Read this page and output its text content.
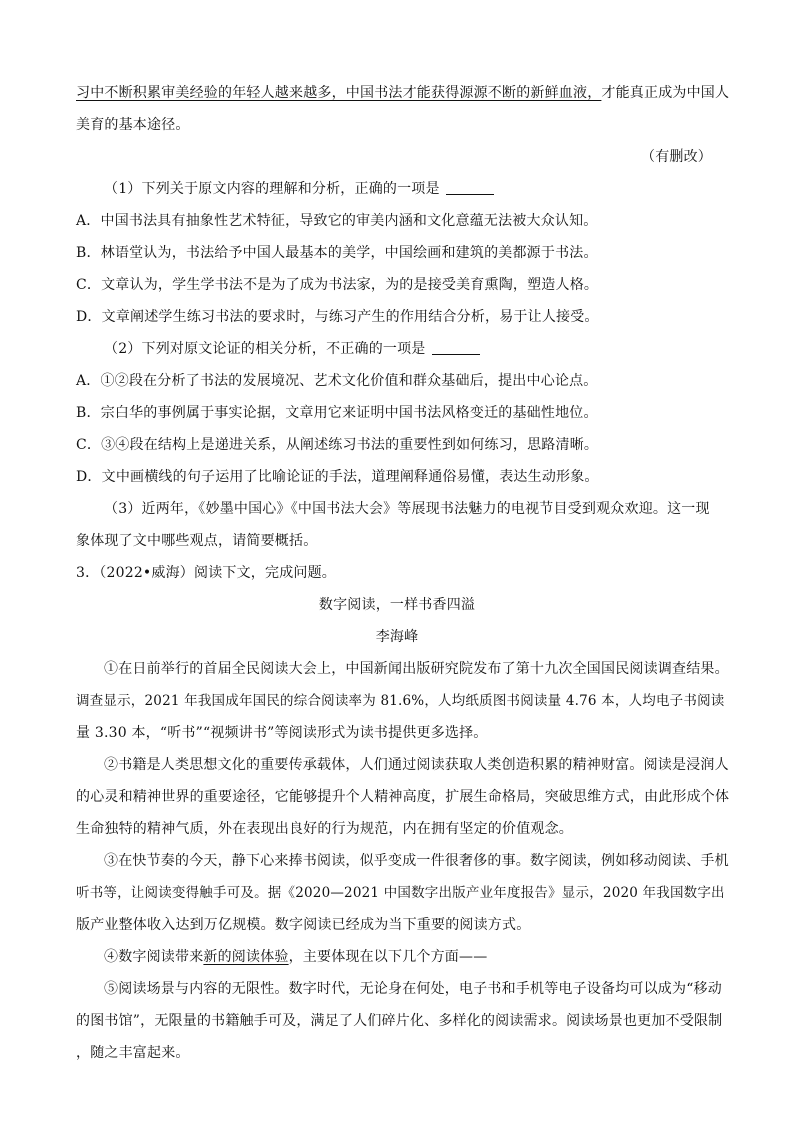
习中不断积累审美经验的年轻人越来越多，中国书法才能获得源源不断的新鲜血液，才能真正成为中国人
美育的基本途径。
（有删改）
（1）下列关于原文内容的理解和分析，正确的一项是
A．中国书法具有抽象性艺术特征，导致它的审美内涵和文化意蕴无法被大众认知。
B．林语堂认为，书法给予中国人最基本的美学，中国绘画和建筑的美都源于书法。
C．文章认为，学生学书法不是为了成为书法家，为的是接受美育熏陶，塑造人格。
D．文章阐述学生练习书法的要求时，与练习产生的作用结合分析，易于让人接受。
（2）下列对原文论证的相关分析，不正确的一项是
A．①②段在分析了书法的发展境况、艺术文化价值和群众基础后，提出中心论点。
B．宗白华的事例属于事实论据，文章用它来证明中国书法风格变迁的基础性地位。
C．③④段在结构上是递进关系，从阐述练习书法的重要性到如何练习，思路清晰。
D．文中画横线的句子运用了比喻论证的手法，道理阐释通俗易懂，表达生动形象。
（3）近两年，《妙墨中国心》《中国书法大会》等展现书法魅力的电视节目受到观众欢迎。这一现
象体现了文中哪些观点，请简要概括。
3．（2022•威海）阅读下文，完成问题。
数字阅读，一样书香四溢
李海峰
①在日前举行的首届全民阅读大会上，中国新闻出版研究院发布了第十九次全国国民阅读调查结果。
调查显示，2021 年我国成年国民的综合阅读率为 81.6%，人均纸质图书阅读量 4.76 本，人均电子书阅读
量 3.30 本，“听书”“视频讲书”等阅读形式为读书提供更多选择。
②书籍是人类思想文化的重要传承载体，人们通过阅读获取人类创造积累的精神财富。阅读是浸润人
的心灵和精神世界的重要途径，它能够提升个人精神高度，扩展生命格局，突破思维方式，由此形成个体
生命独特的精神气质，外在表现出良好的行为规范，内在拥有坚定的价值观念。
③在快节奏的今天，静下心来捧书阅读，似乎变成一件很奢侈的事。数字阅读，例如移动阅读、手机
听书等，让阅读变得触手可及。据《2020—2021 中国数字出版产业年度报告》显示，2020 年我国数字出
版产业整体收入达到万亿规模。数字阅读已经成为当下重要的阅读方式。
④数字阅读带来新的阅读体验，主要体现在以下几个方面——
⑤阅读场景与内容的无限性。数字时代，无论身在何处，电子书和手机等电子设备均可以成为“移动
的图书馆”，无限量的书籍触手可及，满足了人们碎片化、多样化的阅读需求。阅读场景也更加不受限制
，随之丰富起来。
